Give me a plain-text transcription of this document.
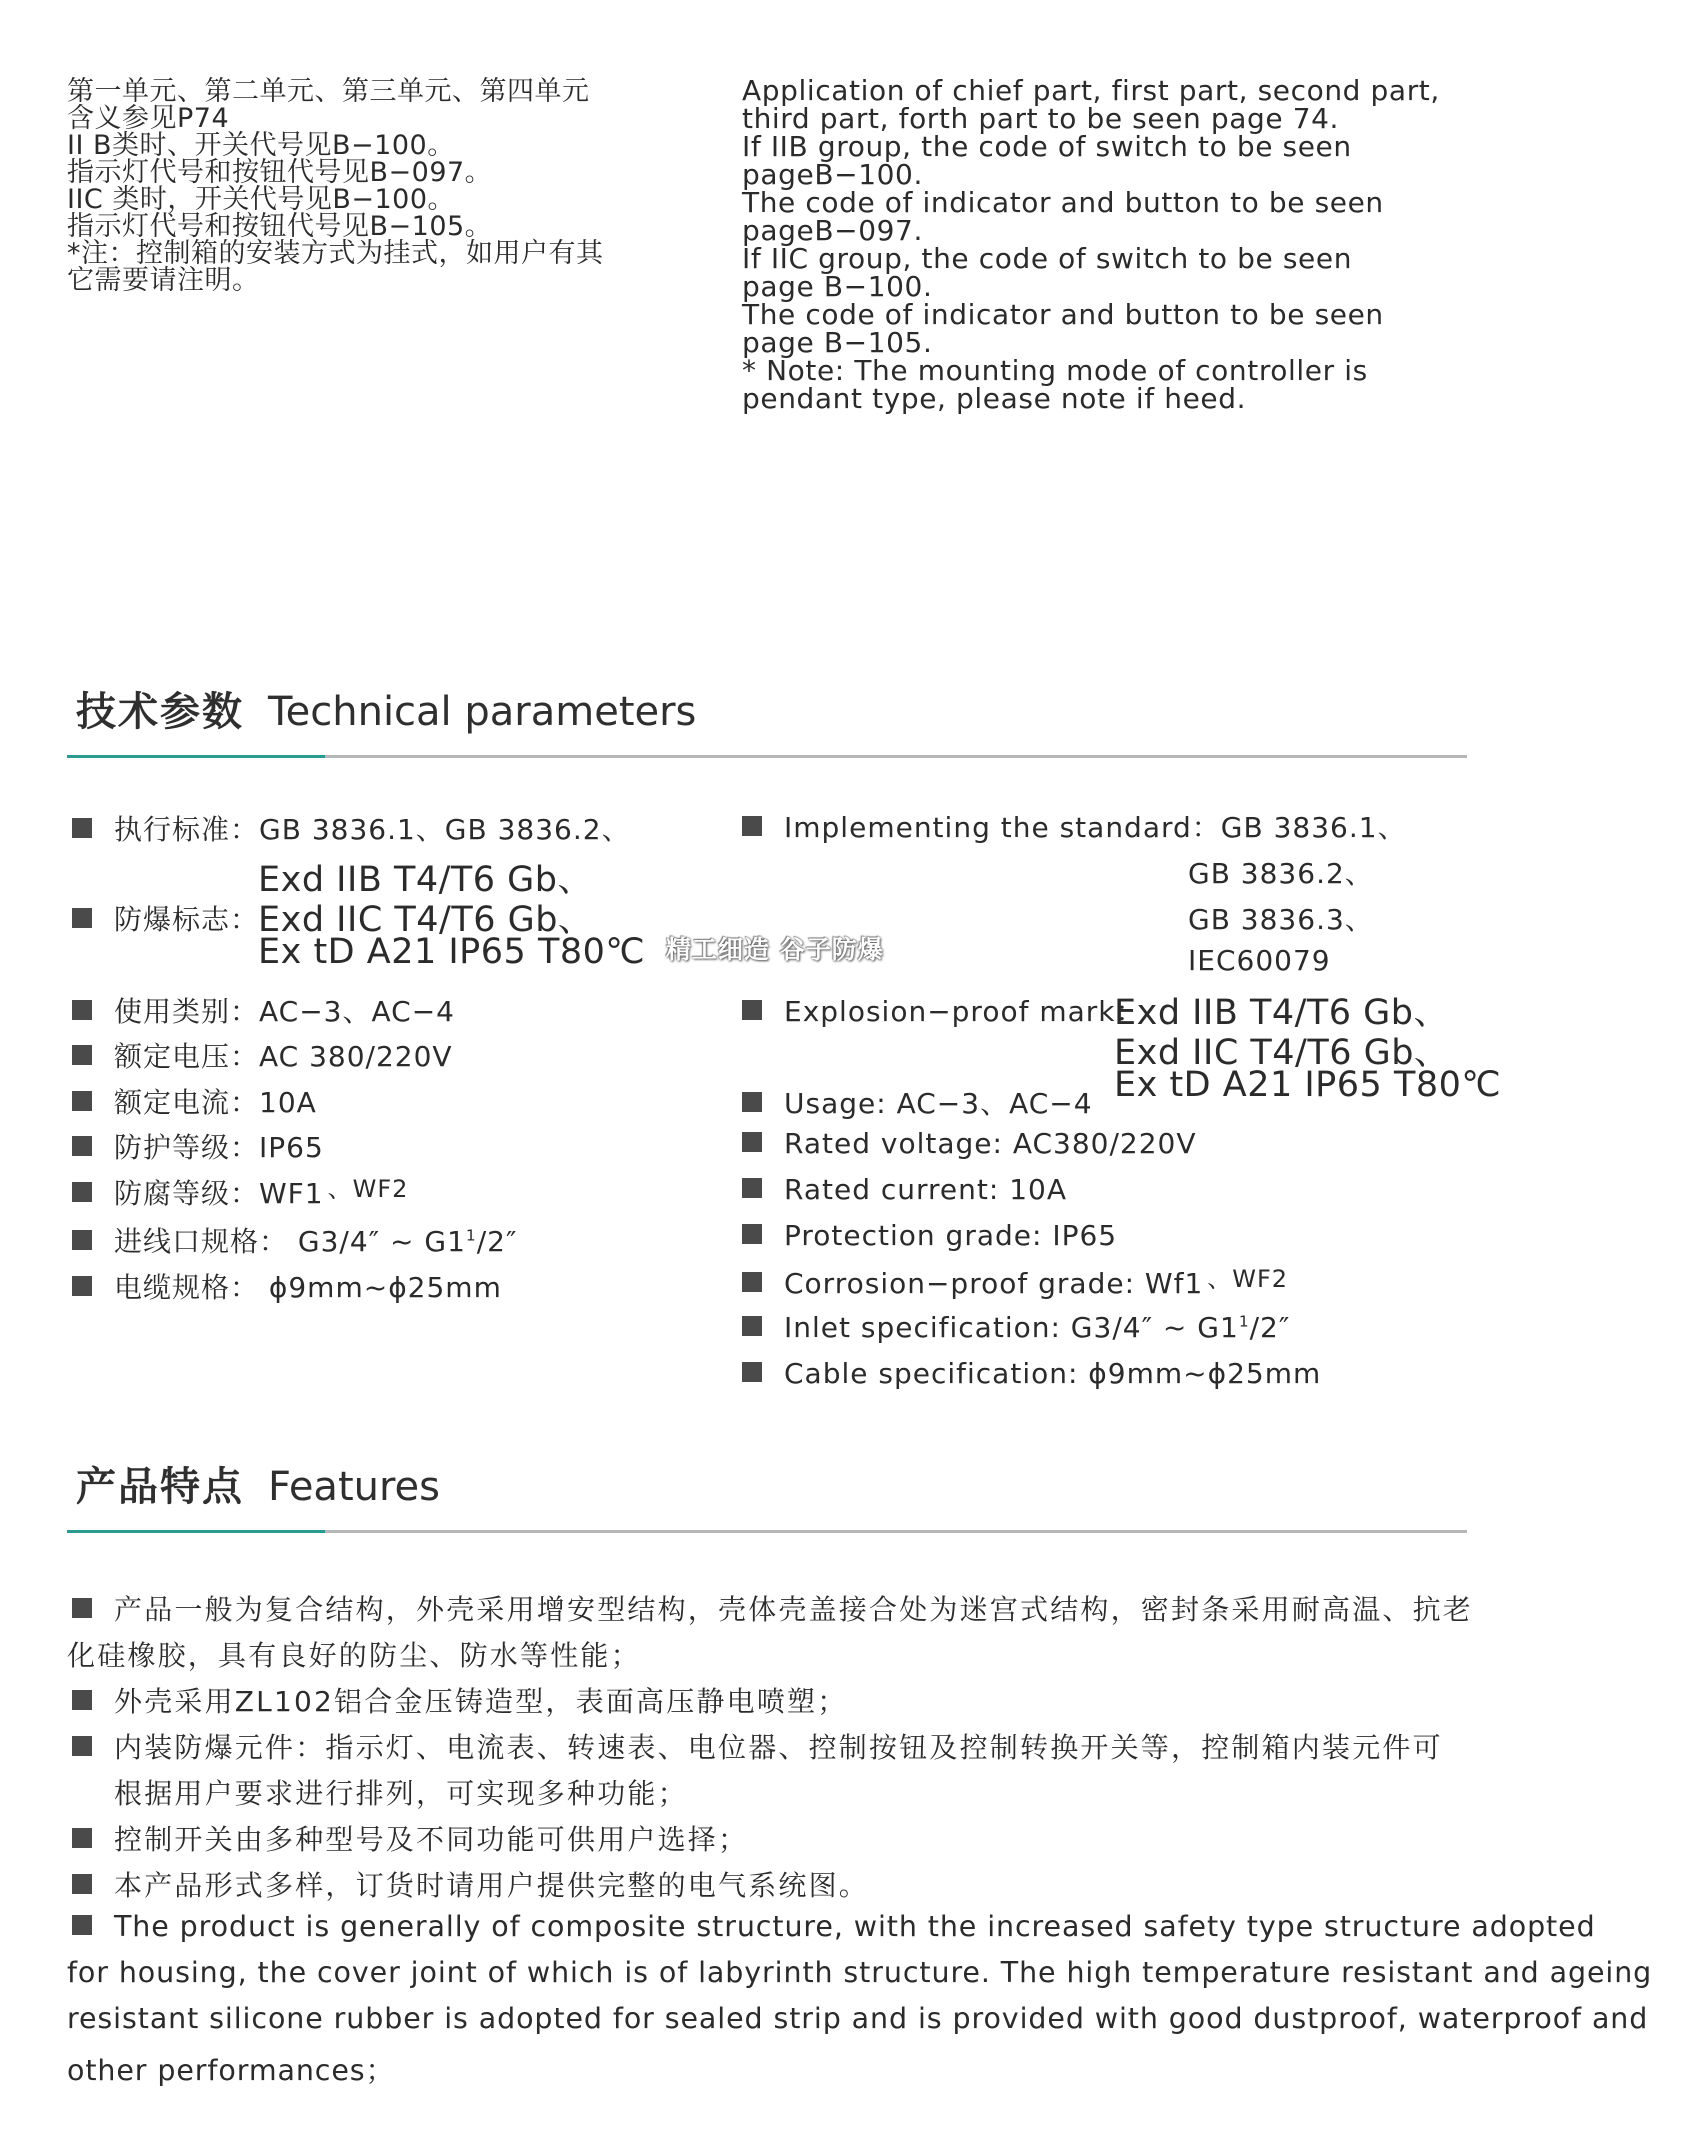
第一单元、第二单元、第三单元、第四单元
含义参见P74
II B类时、开关代号见B−100。
指示灯代号和按钮代号见B−097。
IIC 类时，开关代号见B−100。
指示灯代号和按钮代号见B−105。
*注：控制箱的安装方式为挂式，如用户有其
它需要请注明。
Application of chief part, first part, second part,
third part, forth part to be seen page 74.
If IIB group, the code of switch to be seen
pageB−100.
The code of indicator and button to be seen
pageB−097.
If IIC group, the code of switch to be seen
page B−100.
The code of indicator and button to be seen
page B−105.
* Note: The mounting mode of controller is
pendant type, please note if heed.
技术参数 Technical parameters
执行标准：GB 3836.1、GB 3836.2、
Exd IIB T4/T6 Gb、
防爆标志：
Exd IIC T4/T6 Gb、
Ex tD A21 IP65 T80℃
使用类别：AC−3、AC−4
额定电压：AC 380/220V
额定电流：10A
防护等级：IP65
防腐等级：WF1 、WF2
进线口规格： G3/4″ ~ $G1^1/2''$
电缆规格： ϕ9mm~ϕ25mm
精工细造 谷子防爆
Implementing the standard：GB 3836.1、
GB 3836.2、
GB 3836.3、
IEC60079
Explosion−proof mark：
Exd IIB T4/T6 Gb、
Exd IIC T4/T6 Gb、
Ex tD A21 IP65 T80℃
Usage: AC−3、AC−4
Rated voltage: AC380/220V
Rated current: 10A
Protection grade: IP65
Corrosion−proof grade: Wf1 、WF2
Inlet specification: G3/4″ ~ $G1^1/2''$
Cable specification: ϕ9mm~ϕ25mm
产品特点 Features
产品一般为复合结构，外壳采用增安型结构，壳体壳盖接合处为迷宫式结构，密封条采用耐高温、抗老
化硅橡胶，具有良好的防尘、防水等性能；
外壳采用ZL102铝合金压铸造型，表面高压静电喷塑；
内装防爆元件：指示灯、电流表、转速表、电位器、控制按钮及控制转换开关等，控制箱内装元件可
根据用户要求进行排列，可实现多种功能；
控制开关由多种型号及不同功能可供用户选择；
本产品形式多样，订货时请用户提供完整的电气系统图。
The product is generally of composite structure, with the increased safety type structure adopted
for housing, the cover joint of which is of labyrinth structure. The high temperature resistant and ageing
resistant silicone rubber is adopted for sealed strip and is provided with good dustproof, waterproof and
other performances；
